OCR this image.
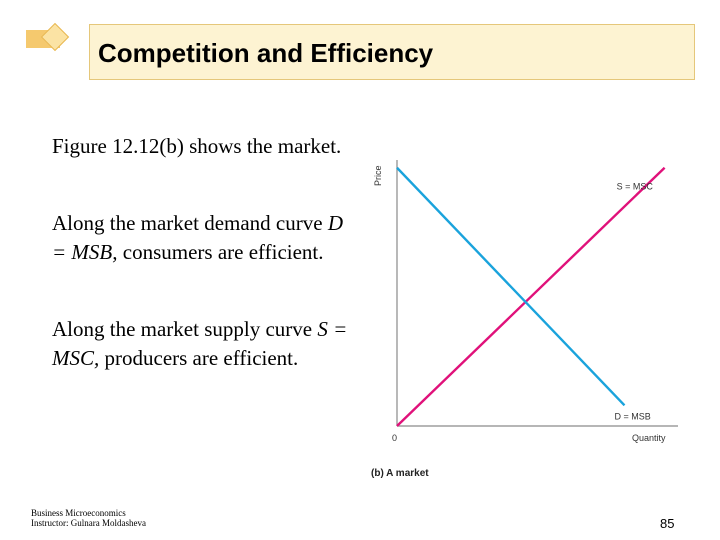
Competition and Efficiency
Figure 12.12(b) shows the market.
Along the market demand curve D = MSB, consumers are efficient.
Along the market supply curve S = MSC, producers are efficient.
S = MSC
D = MSB
Price
Quantity
0
(b) A market
Business Microeconomics
Instructor: Gulnara Moldasheva	85
